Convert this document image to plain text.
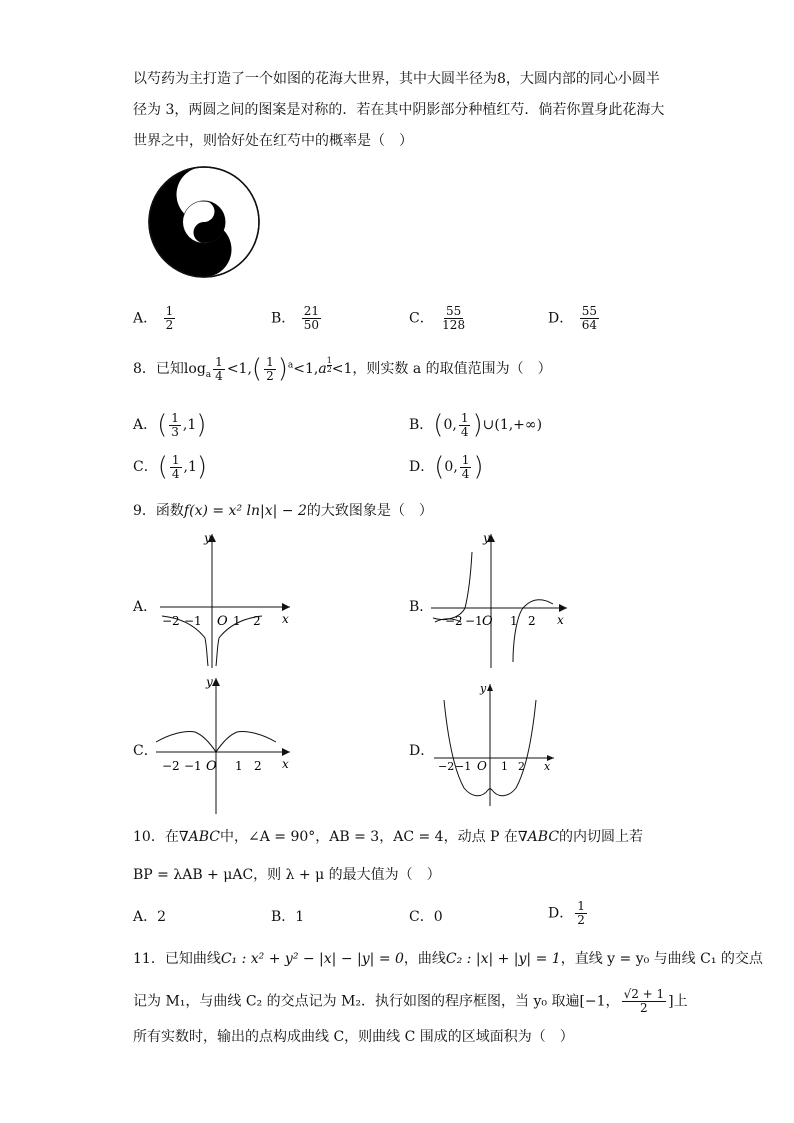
以芍药为主打造了一个如图的花海大世界，其中大圆半径为8，大圆内部的同心小圆半
径为 3，两圆之间的图案是对称的．若在其中阴影部分种植红芍．倘若你置身此花海大
世界之中，则恰好处在红芍中的概率是（　）
A． $\frac{1}{2}$	B． $\frac{21}{50}$	C． $\frac{55}{128}$	D． $\frac{55}{64}$
8．已知$\log_a \frac{1}{4} <1,( \frac{1}{2} )^a<1,a$ $^{\frac{1}{2}}$ <1，则实数 a 的取值范围为（　）
A．( $\frac{1}{3} ,1$)	B．(0, $\frac{1}{4}$ )∪(1,+∞)
C．( $\frac{1}{4} ,1$)	D．(0, $\frac{1}{4}$ )
9．函数f(x) = x² ln|x| − 2的大致图象是（　）
A．
y
x
O
−2 −1	1 2
B．
y
x
O
−2 −1 1 2
C．
y
x
O
−2 −1	1 2
D．
y
x
O
−2 −1	1 2
10．在∇ABC中，∠A = 90°，AB = 3，AC = 4，动点 P 在∇ABC的内切圆上若
BP = λAB + μAC，则 λ + μ 的最大值为（　）
A．2	B．1	C．0	D． $\frac{1}{2}$
11．已知曲线C₁ : x² + y² − |x| − |y| = 0，曲线C₂ : |x| + |y| = 1，直线 y = y₀ 与曲线 C₁ 的交点
记为 M₁，与曲线 C₂ 的交点记为 M₂．执行如图的程序框图，当 y₀ 取遍[−1， $\frac{√2 + 1}{2}$ ]上
所有实数时，输出的点构成曲线 C，则曲线 C 围成的区域面积为（　）
